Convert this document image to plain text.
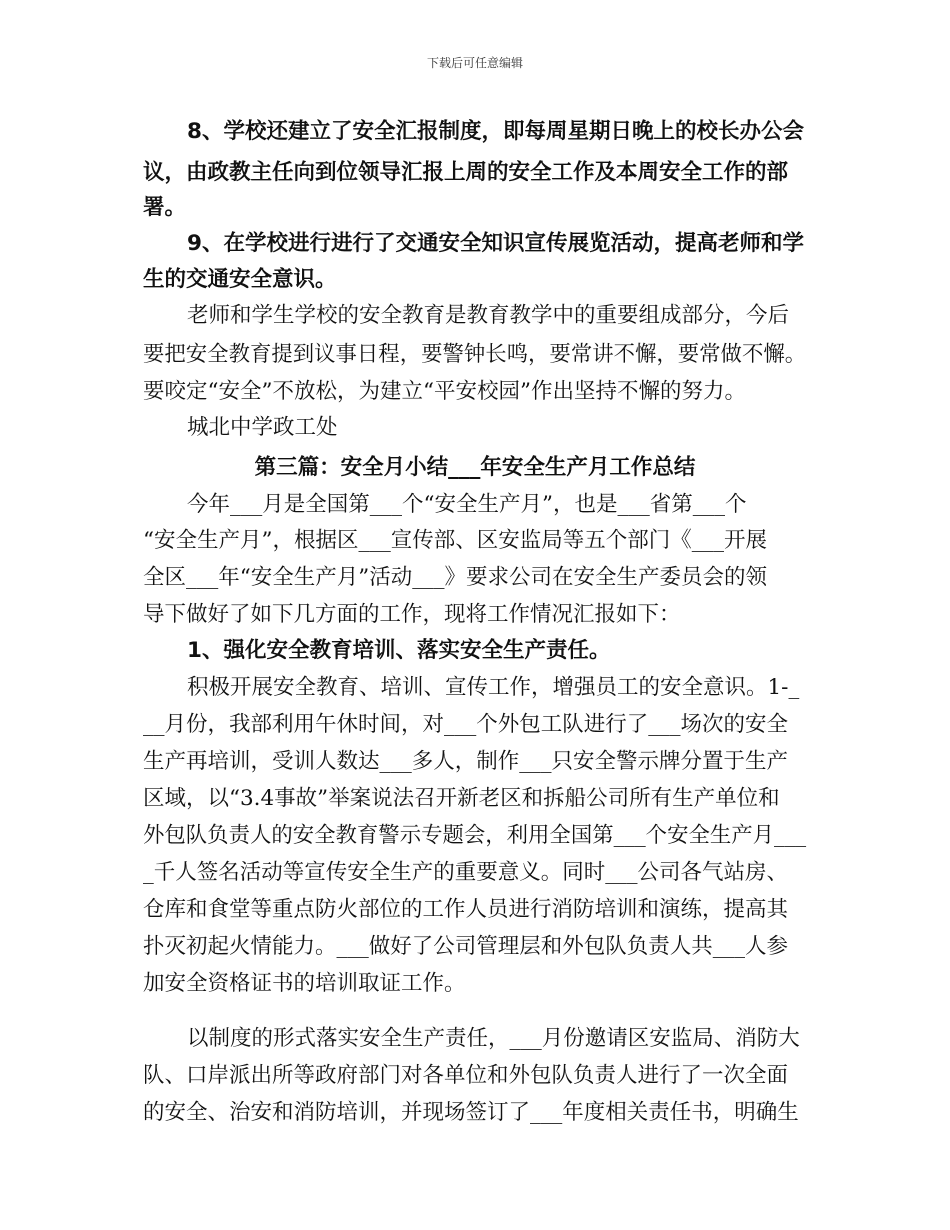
下载后可任意编辑
8、学校还建立了安全汇报制度，即每周星期日晚上的校长办公会
议，由政教主任向到位领导汇报上周的安全工作及本周安全工作的部
署。
9、在学校进行进行了交通安全知识宣传展览活动，提高老师和学
生的交通安全意识。
老师和学生学校的安全教育是教育教学中的重要组成部分，今后
要把安全教育提到议事日程，要警钟长鸣，要常讲不懈，要常做不懈。
要咬定“安全”不放松，为建立“平安校园”作出坚持不懈的努力。
城北中学政工处
第三篇：安全月小结___年安全生产月工作总结
今年___月是全国第___个“安全生产月”，也是___省第___个
“安全生产月”，根据区___宣传部、区安监局等五个部门《___开展
全区___年“安全生产月”活动___》要求公司在安全生产委员会的领
导下做好了如下几方面的工作，现将工作情况汇报如下：
1、强化安全教育培训、落实安全生产责任。
积极开展安全教育、培训、宣传工作，增强员工的安全意识。1-_
__月份，我部利用午休时间，对___个外包工队进行了___场次的安全
生产再培训，受训人数达___多人，制作___只安全警示牌分置于生产
区域，以“3.4事故”举案说法召开新老区和拆船公司所有生产单位和
外包队负责人的安全教育警示专题会，利用全国第___个安全生产月___
_千人签名活动等宣传安全生产的重要意义。同时___公司各气站房、
仓库和食堂等重点防火部位的工作人员进行消防培训和演练，提高其
扑灭初起火情能力。___做好了公司管理层和外包队负责人共___人参
加安全资格证书的培训取证工作。
以制度的形式落实安全生产责任，___月份邀请区安监局、消防大
队、口岸派出所等政府部门对各单位和外包队负责人进行了一次全面
的安全、治安和消防培训，并现场签订了___年度相关责任书，明确生
